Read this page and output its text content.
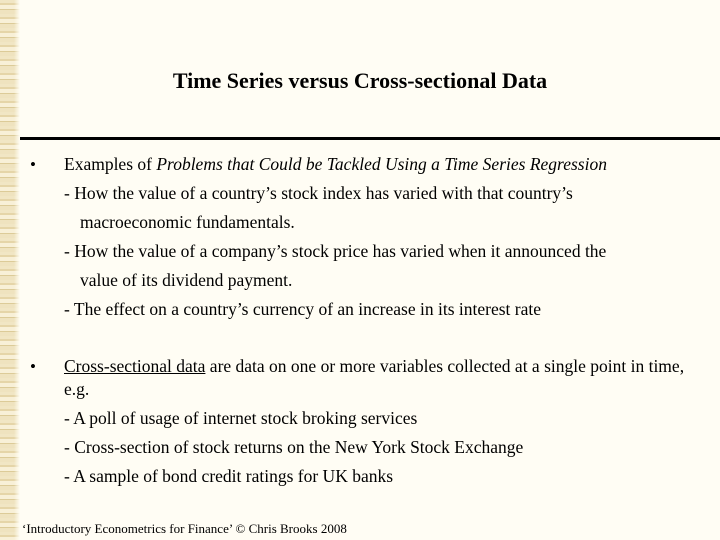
Time Series versus Cross-sectional Data
•	Examples of Problems that Could be Tackled Using a Time Series Regression
- How the value of a country’s stock index has varied with that country’s
macroeconomic fundamentals.
- How the value of a company’s stock price has varied when it announced the
value of its dividend payment.
- The effect on a country’s currency of an increase in its interest rate
•	Cross-sectional data are data on one or more variables collected at a single point in time, e.g.
- A poll of usage of internet stock broking services
- Cross-section of stock returns on the New York Stock Exchange
- A sample of bond credit ratings for UK banks
‘Introductory Econometrics for Finance’ © Chris Brooks 2008
